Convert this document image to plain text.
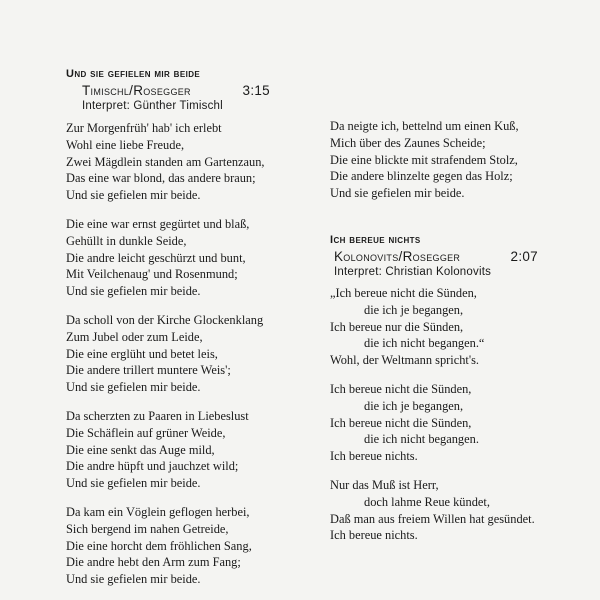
Und sie gefielen mir beide
Timischl/Rosegger	3:15
Interpret: Günther Timischl
Zur Morgenfrüh' hab' ich erlebt
Wohl eine liebe Freude,
Zwei Mägdlein standen am Gartenzaun,
Das eine war blond, das andere braun;
Und sie gefielen mir beide.
Die eine war ernst gegürtet und blaß,
Gehüllt in dunkle Seide,
Die andre leicht geschürzt und bunt,
Mit Veilchenaug' und Rosenmund;
Und sie gefielen mir beide.
Da scholl von der Kirche Glockenklang
Zum Jubel oder zum Leide,
Die eine erglüht und betet leis,
Die andere trillert muntere Weis';
Und sie gefielen mir beide.
Da scherzten zu Paaren in Liebeslust
Die Schäflein auf grüner Weide,
Die eine senkt das Auge mild,
Die andre hüpft und jauchzet wild;
Und sie gefielen mir beide.
Da kam ein Vöglein geflogen herbei,
Sich bergend im nahen Getreide,
Die eine horcht dem fröhlichen Sang,
Die andre hebt den Arm zum Fang;
Und sie gefielen mir beide.
Da neigte ich, bettelnd um einen Kuß,
Mich über des Zaunes Scheide;
Die eine blickte mit strafendem Stolz,
Die andere blinzelte gegen das Holz;
Und sie gefielen mir beide.
Ich bereue nichts
Kolonovits/Rosegger	2:07
Interpret: Christian Kolonovits
„Ich bereue nicht die Sünden,
die ich je begangen,
Ich bereue nur die Sünden,
die ich nicht begangen.“
Wohl, der Weltmann spricht's.
Ich bereue nicht die Sünden,
die ich je begangen,
Ich bereue nicht die Sünden,
die ich nicht begangen.
Ich bereue nichts.
Nur das Muß ist Herr,
doch lahme Reue kündet,
Daß man aus freiem Willen hat gesündet.
Ich bereue nichts.
